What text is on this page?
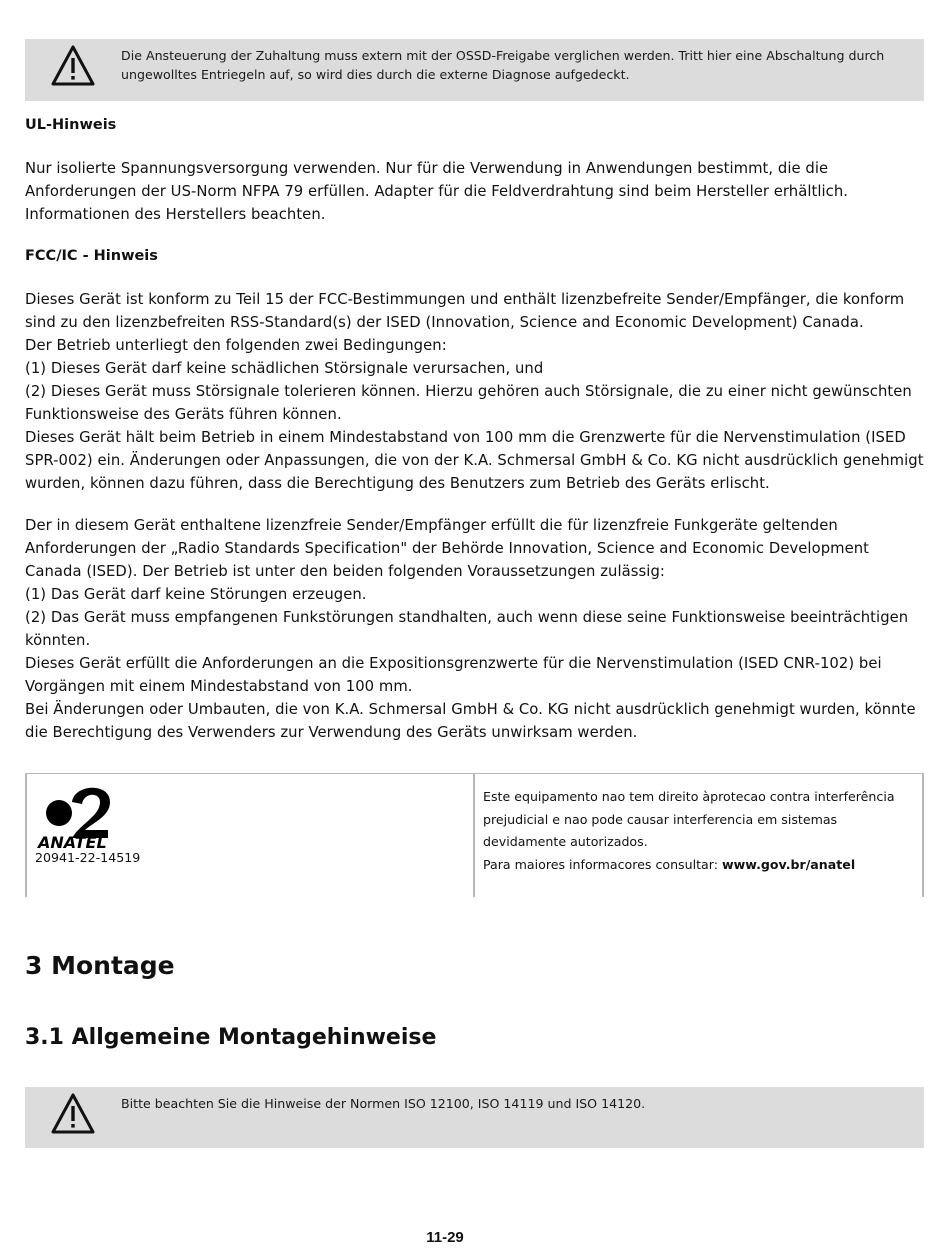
Die Ansteuerung der Zuhaltung muss extern mit der OSSD-Freigabe verglichen werden. Tritt hier eine Abschaltung durch
ungewolltes Entriegeln auf, so wird dies durch die externe Diagnose aufgedeckt.
UL-Hinweis
Nur isolierte Spannungsversorgung verwenden. Nur für die Verwendung in Anwendungen bestimmt, die die
Anforderungen der US-Norm NFPA 79 erfüllen. Adapter für die Feldverdrahtung sind beim Hersteller erhältlich.
Informationen des Herstellers beachten.
FCC/IC - Hinweis
Dieses Gerät ist konform zu Teil 15 der FCC-Bestimmungen und enthält lizenzbefreite Sender/Empfänger, die konform
sind zu den lizenzbefreiten RSS-Standard(s) der ISED (Innovation, Science and Economic Development) Canada.
Der Betrieb unterliegt den folgenden zwei Bedingungen:
(1) Dieses Gerät darf keine schädlichen Störsignale verursachen, und
(2) Dieses Gerät muss Störsignale tolerieren können. Hierzu gehören auch Störsignale, die zu einer nicht gewünschten
Funktionsweise des Geräts führen können.
Dieses Gerät hält beim Betrieb in einem Mindestabstand von 100 mm die Grenzwerte für die Nervenstimulation (ISED
SPR-002) ein. Änderungen oder Anpassungen, die von der K.A. Schmersal GmbH & Co. KG nicht ausdrücklich genehmigt
wurden, können dazu führen, dass die Berechtigung des Benutzers zum Betrieb des Geräts erlischt.
Der in diesem Gerät enthaltene lizenzfreie Sender/Empfänger erfüllt die für lizenzfreie Funkgeräte geltenden
Anforderungen der „Radio Standards Specification" der Behörde Innovation, Science and Economic Development
Canada (ISED). Der Betrieb ist unter den beiden folgenden Voraussetzungen zulässig:
(1) Das Gerät darf keine Störungen erzeugen.
(2) Das Gerät muss empfangenen Funkstörungen standhalten, auch wenn diese seine Funktionsweise beeinträchtigen
könnten.
Dieses Gerät erfüllt die Anforderungen an die Expositionsgrenzwerte für die Nervenstimulation (ISED CNR-102) bei
Vorgängen mit einem Mindestabstand von 100 mm.
Bei Änderungen oder Umbauten, die von K.A. Schmersal GmbH & Co. KG nicht ausdrücklich genehmigt wurden, könnte
die Berechtigung des Verwenders zur Verwendung des Geräts unwirksam werden.
ANATEL
20941-22-14519
Este equipamento nao tem direito àprotecao contra interferência
prejudicial e nao pode causar interferencia em sistemas
devidamente autorizados.
Para maiores informacores consultar: www.gov.br/anatel
3 Montage
3.1 Allgemeine Montagehinweise
Bitte beachten Sie die Hinweise der Normen ISO 12100, ISO 14119 und ISO 14120.
11-29
